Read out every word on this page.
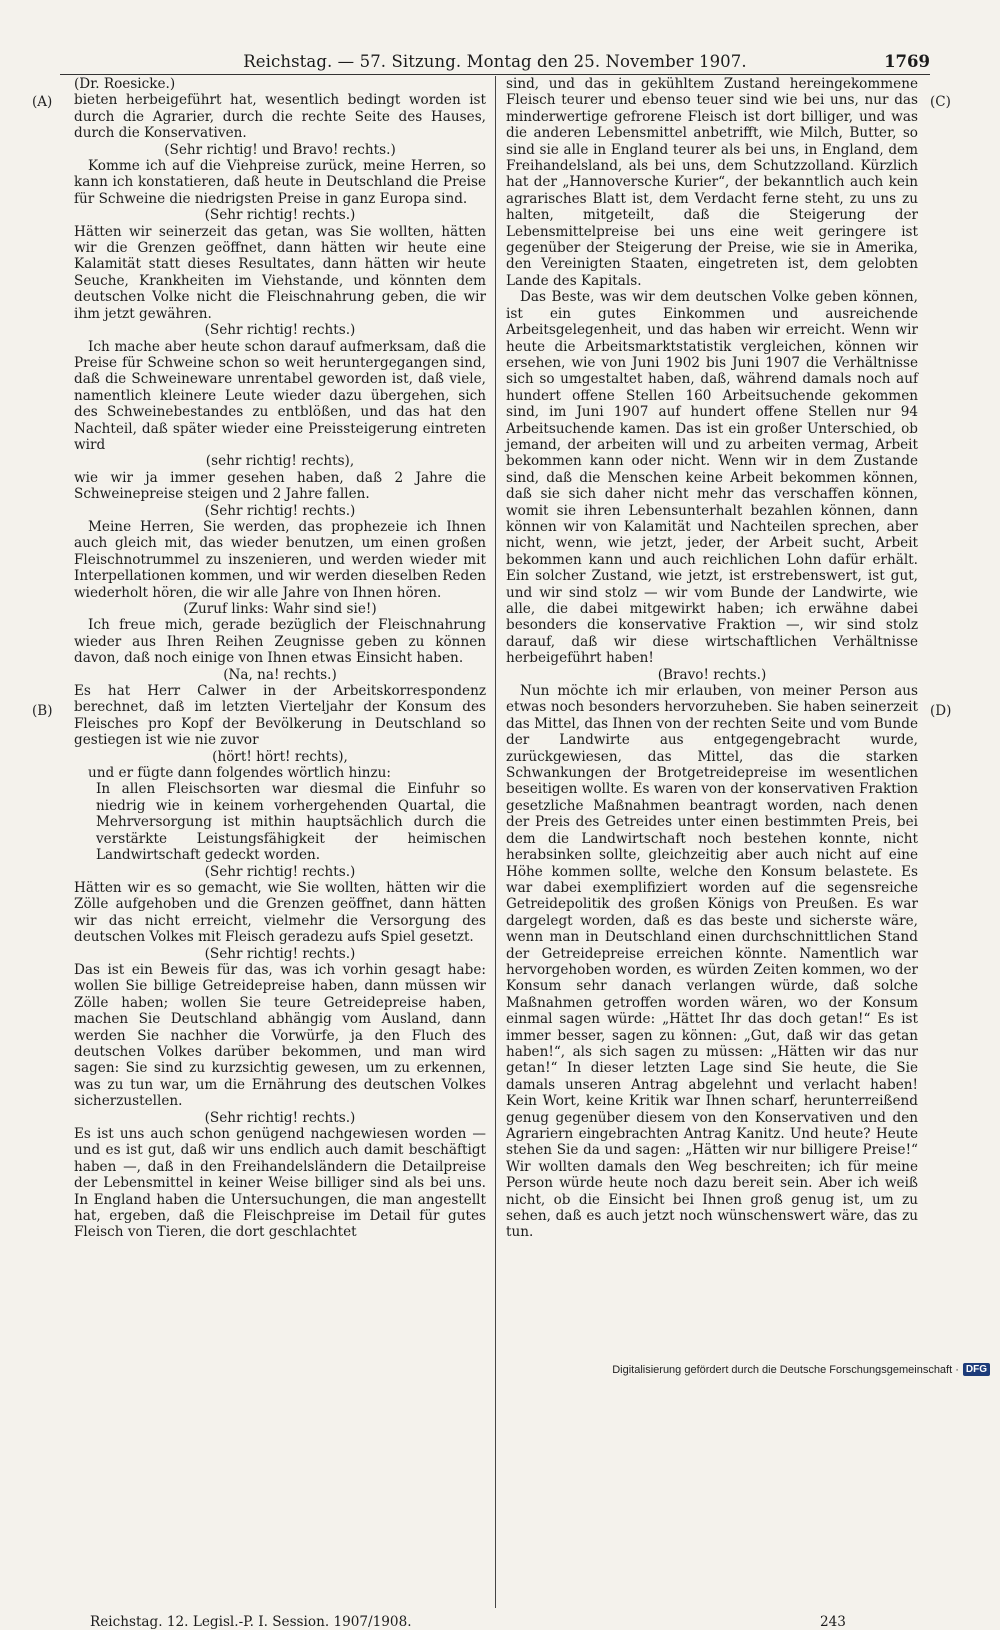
Reichstag. — 57. Sitzung. Montag den 25. November 1907.	1769
(A)
(B)
(C)
(D)

(Dr. Roesicke.)

bieten herbeigeführt hat, wesentlich bedingt worden ist durch die Agrarier, durch die rechte Seite des Hauses, durch die Konservativen.

(Sehr richtig! und Bravo! rechts.)

Komme ich auf die Viehpreise zurück, meine Herren, so kann ich konstatieren, daß heute in Deutschland die Preise für Schweine die niedrigsten Preise in ganz Europa sind.

(Sehr richtig! rechts.)

Hätten wir seinerzeit das getan, was Sie wollten, hätten wir die Grenzen geöffnet, dann hätten wir heute eine Kalamität statt dieses Resultates, dann hätten wir heute Seuche, Krankheiten im Viehstande, und könnten dem deutschen Volke nicht die Fleischnahrung geben, die wir ihm jetzt gewähren.

(Sehr richtig! rechts.)

Ich mache aber heute schon darauf aufmerksam, daß die Preise für Schweine schon so weit heruntergegangen sind, daß die Schweineware unrentabel geworden ist, daß viele, namentlich kleinere Leute wieder dazu übergehen, sich des Schweinebestandes zu entblößen, und das hat den Nachteil, daß später wieder eine Preissteigerung eintreten wird

(sehr richtig! rechts),

wie wir ja immer gesehen haben, daß 2 Jahre die Schweinepreise steigen und 2 Jahre fallen.

(Sehr richtig! rechts.)

Meine Herren, Sie werden, das prophezeie ich Ihnen auch gleich mit, das wieder benutzen, um einen großen Fleischnotrummel zu inszenieren, und werden wieder mit Interpellationen kommen, und wir werden dieselben Reden wiederholt hören, die wir alle Jahre von Ihnen hören.

(Zuruf links: Wahr sind sie!)

Ich freue mich, gerade bezüglich der Fleischnahrung wieder aus Ihren Reihen Zeugnisse geben zu können davon, daß noch einige von Ihnen etwas Einsicht haben.

(Na, na! rechts.)

Es hat Herr Calwer in der Arbeitskorrespondenz berechnet, daß im letzten Vierteljahr der Konsum des Fleisches pro Kopf der Bevölkerung in Deutschland so gestiegen ist wie nie zuvor

(hört! hört! rechts),

und er fügte dann folgendes wörtlich hinzu:

In allen Fleischsorten war diesmal die Einfuhr so niedrig wie in keinem vorhergehenden Quartal, die Mehrversorgung ist mithin hauptsächlich durch die verstärkte Leistungsfähigkeit der heimischen Landwirtschaft gedeckt worden.

(Sehr richtig! rechts.)

Hätten wir es so gemacht, wie Sie wollten, hätten wir die Zölle aufgehoben und die Grenzen geöffnet, dann hätten wir das nicht erreicht, vielmehr die Versorgung des deutschen Volkes mit Fleisch geradezu aufs Spiel gesetzt.

(Sehr richtig! rechts.)

Das ist ein Beweis für das, was ich vorhin gesagt habe: wollen Sie billige Getreidepreise haben, dann müssen wir Zölle haben; wollen Sie teure Getreidepreise haben, machen Sie Deutschland abhängig vom Ausland, dann werden Sie nachher die Vorwürfe, ja den Fluch des deutschen Volkes darüber bekommen, und man wird sagen: Sie sind zu kurzsichtig gewesen, um zu erkennen, was zu tun war, um die Ernährung des deutschen Volkes sicherzustellen.

(Sehr richtig! rechts.)

Es ist uns auch schon genügend nachgewiesen worden — und es ist gut, daß wir uns endlich auch damit beschäftigt haben —, daß in den Freihandelsländern die Detailpreise der Lebensmittel in keiner Weise billiger sind als bei uns. In England haben die Untersuchungen, die man angestellt hat, ergeben, daß die Fleischpreise im Detail für gutes Fleisch von Tieren, die dort geschlachtet

sind, und das in gekühltem Zustand hereingekommene Fleisch teurer und ebenso teuer sind wie bei uns, nur das minderwertige gefrorene Fleisch ist dort billiger, und was die anderen Lebensmittel anbetrifft, wie Milch, Butter, so sind sie alle in England teurer als bei uns, in England, dem Freihandelsland, als bei uns, dem Schutzzolland. Kürzlich hat der „Hannoversche Kurier“, der bekanntlich auch kein agrarisches Blatt ist, dem Verdacht ferne steht, zu uns zu halten, mitgeteilt, daß die Steigerung der Lebensmittelpreise bei uns eine weit geringere ist gegenüber der Steigerung der Preise, wie sie in Amerika, den Vereinigten Staaten, eingetreten ist, dem gelobten Lande des Kapitals.

Das Beste, was wir dem deutschen Volke geben können, ist ein gutes Einkommen und ausreichende Arbeitsgelegenheit, und das haben wir erreicht. Wenn wir heute die Arbeitsmarktstatistik vergleichen, können wir ersehen, wie von Juni 1902 bis Juni 1907 die Verhältnisse sich so umgestaltet haben, daß, während damals noch auf hundert offene Stellen 160 Arbeitsuchende gekommen sind, im Juni 1907 auf hundert offene Stellen nur 94 Arbeitsuchende kamen. Das ist ein großer Unterschied, ob jemand, der arbeiten will und zu arbeiten vermag, Arbeit bekommen kann oder nicht. Wenn wir in dem Zustande sind, daß die Menschen keine Arbeit bekommen können, daß sie sich daher nicht mehr das verschaffen können, womit sie ihren Lebensunterhalt bezahlen können, dann können wir von Kalamität und Nachteilen sprechen, aber nicht, wenn, wie jetzt, jeder, der Arbeit sucht, Arbeit bekommen kann und auch reichlichen Lohn dafür erhält. Ein solcher Zustand, wie jetzt, ist erstrebenswert, ist gut, und wir sind stolz — wir vom Bunde der Landwirte, wie alle, die dabei mitgewirkt haben; ich erwähne dabei besonders die konservative Fraktion —, wir sind stolz darauf, daß wir diese wirtschaftlichen Verhältnisse herbeigeführt haben!

(Bravo! rechts.)

Nun möchte ich mir erlauben, von meiner Person aus etwas noch besonders hervorzuheben. Sie haben seinerzeit das Mittel, das Ihnen von der rechten Seite und vom Bunde der Landwirte aus entgegengebracht wurde, zurückgewiesen, das Mittel, das die starken Schwankungen der Brotgetreidepreise im wesentlichen beseitigen wollte. Es waren von der konservativen Fraktion gesetzliche Maßnahmen beantragt worden, nach denen der Preis des Getreides unter einen bestimmten Preis, bei dem die Landwirtschaft noch bestehen konnte, nicht herabsinken sollte, gleichzeitig aber auch nicht auf eine Höhe kommen sollte, welche den Konsum belastete. Es war dabei exemplifiziert worden auf die segensreiche Getreidepolitik des großen Königs von Preußen. Es war dargelegt worden, daß es das beste und sicherste wäre, wenn man in Deutschland einen durchschnittlichen Stand der Getreidepreise erreichen könnte. Namentlich war hervorgehoben worden, es würden Zeiten kommen, wo der Konsum sehr danach verlangen würde, daß solche Maßnahmen getroffen worden wären, wo der Konsum einmal sagen würde: „Hättet Ihr das doch getan!“ Es ist immer besser, sagen zu können: „Gut, daß wir das getan haben!“, als sich sagen zu müssen: „Hätten wir das nur getan!“ In dieser letzten Lage sind Sie heute, die Sie damals unseren Antrag abgelehnt und verlacht haben! Kein Wort, keine Kritik war Ihnen scharf, herunterreißend genug gegenüber diesem von den Konservativen und den Agrariern eingebrachten Antrag Kanitz. Und heute? Heute stehen Sie da und sagen: „Hätten wir nur billigere Preise!“ Wir wollten damals den Weg beschreiten; ich für meine Person würde heute noch dazu bereit sein. Aber ich weiß nicht, ob die Einsicht bei Ihnen groß genug ist, um zu sehen, daß es auch jetzt noch wünschenswert wäre, das zu tun.

Reichstag. 12. Legisl.-P. I. Session. 1907/1908.	243
Digitalisierung gefördert durch die Deutsche Forschungsgemeinschaft · DFG
